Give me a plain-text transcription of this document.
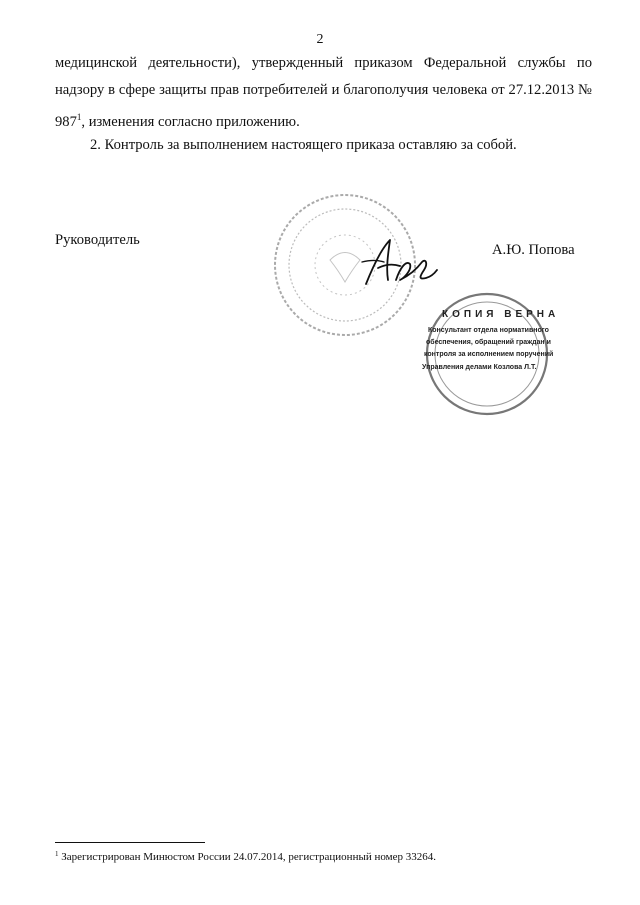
2

медицинской деятельности), утвержденный приказом Федеральной службы по надзору в сфере защиты прав потребителей и благополучия человека от 27.12.2013 № $987^1$, изменения согласно приложению.

2. Контроль за выполнением настоящего приказа оставляю за собой.

Руководитель
А.Ю. Попова
КОПИЯ ВЕРНА
Консультант отдела нормативного
обеспечения, обращений граждан и
контроля за исполнением поручений
Управления делами Козлова Л.Т.
$^1$ Зарегистрирован Минюстом России 24.07.2014, регистрационный номер 33264.
